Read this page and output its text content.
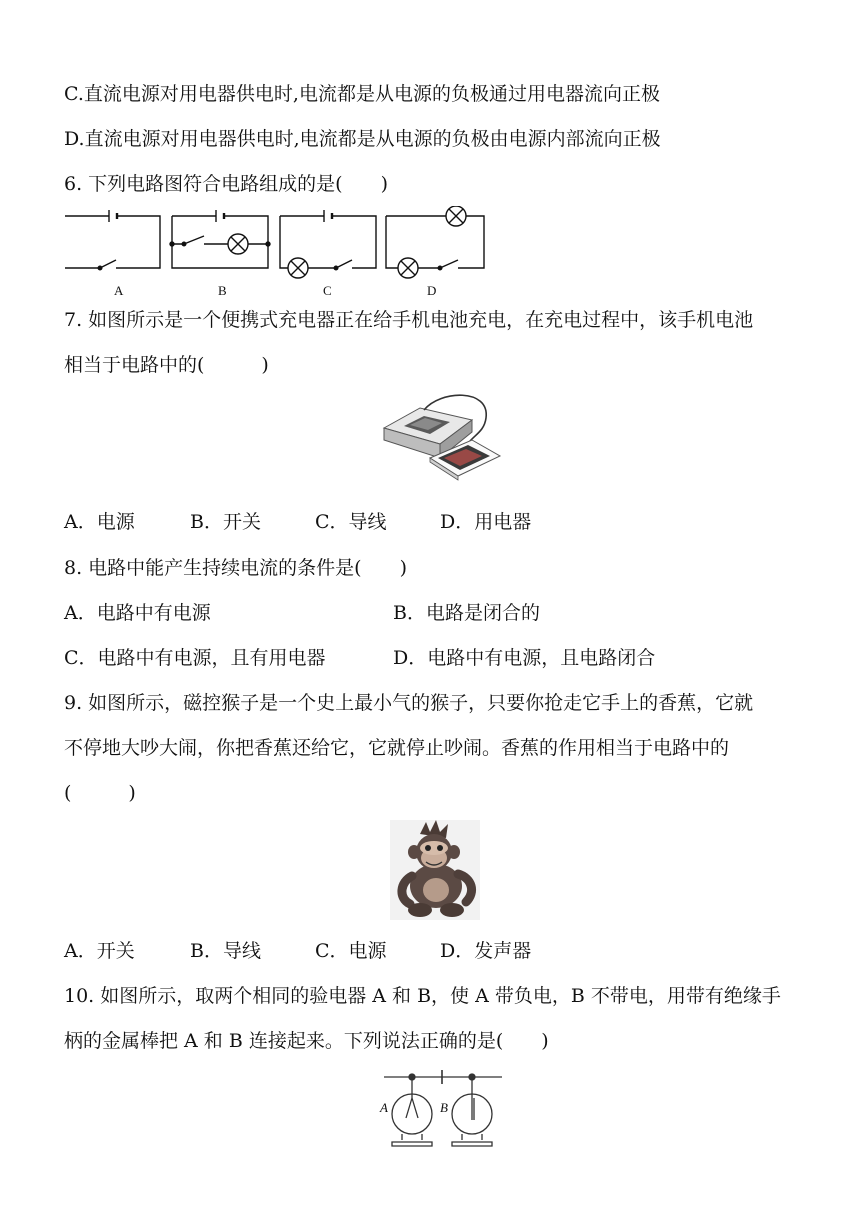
C.直流电源对用电器供电时,电流都是从电源的负极通过用电器流向正极
D.直流电源对用电器供电时,电流都是从电源的负极由电源内部流向正极
6. 下列电路图符合电路组成的是(　　)
A	B	C	D
7. 如图所示是一个便携式充电器正在给手机电池充电，在充电过程中，该手机电池
相当于电路中的(　　　)
A．电源	B．开关	C．导线	D．用电器
8. 电路中能产生持续电流的条件是(　　)
A．电路中有电源	B．电路是闭合的
C．电路中有电源，且有用电器	D．电路中有电源，且电路闭合
9. 如图所示，磁控猴子是一个史上最小气的猴子，只要你抢走它手上的香蕉，它就
不停地大吵大闹，你把香蕉还给它，它就停止吵闹。香蕉的作用相当于电路中的
(　　　)
A．开关	B．导线	C．电源	D．发声器
10. 如图所示，取两个相同的验电器 A 和 B，使 A 带负电，B 不带电，用带有绝缘手
柄的金属棒把 A 和 B 连接起来。下列说法正确的是(　　)
A	B
